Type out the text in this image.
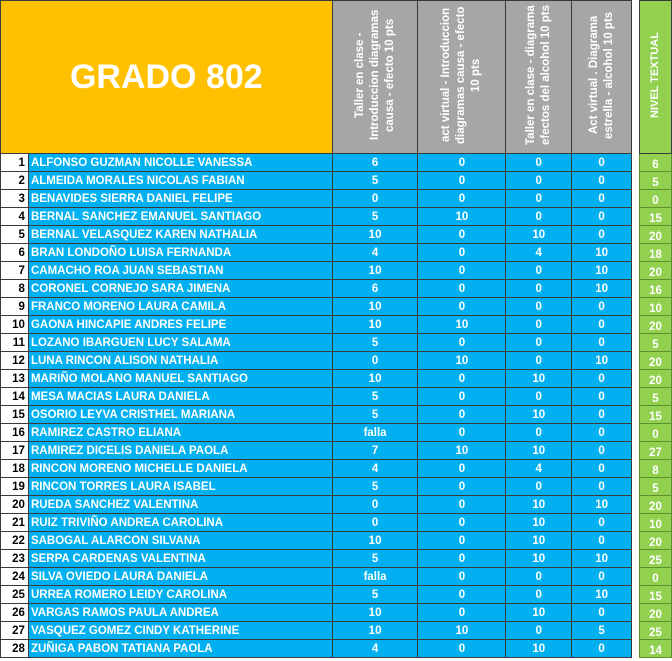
GRADO 802		Taller en clase - Introduccion diagramas causa - efecto 10 pts	act virtual - Introduccion diagramas causa - efecto 10 pts	Taller en clase - diagrama efectos del alcohol 10 pts	Act virtual . Diagrama estrella - alcohol 10 pts		NIVEL TEXTUAL
1	ALFONSO GUZMAN NICOLLE VANESSA	6	0	0	0		6

2	ALMEIDA MORALES NICOLAS FABIAN	5	0	0	0		5

3	BENAVIDES SIERRA DANIEL FELIPE	0	0	0	0		0

4	BERNAL SANCHEZ EMANUEL SANTIAGO	5	10	0	0		15

5	BERNAL VELASQUEZ KAREN NATHALIA	10	0	10	0		20

6	BRAN LONDOÑO LUISA FERNANDA	4	0	4	10		18

7	CAMACHO ROA JUAN SEBASTIAN	10	0	0	10		20

8	CORONEL CORNEJO SARA JIMENA	6	0	0	10		16

9	FRANCO MORENO LAURA CAMILA	10	0	0	0		10

10	GAONA HINCAPIE ANDRES FELIPE	10	10	0	0		20

11	LOZANO IBARGUEN LUCY SALAMA	5	0	0	0		5

12	LUNA RINCON ALISON NATHALIA	0	10	0	10		20

13	MARIÑO MOLANO MANUEL SANTIAGO	10	0	10	0		20

14	MESA MACIAS LAURA DANIELA	5	0	0	0		5

15	OSORIO LEYVA CRISTHEL MARIANA	5	0	10	0		15

16	RAMIREZ CASTRO ELIANA	falla	0	0	0		0

17	RAMIREZ DICELIS DANIELA PAOLA	7	10	10	0		27

18	RINCON MORENO MICHELLE DANIELA	4	0	4	0		8

19	RINCON TORRES LAURA ISABEL	5	0	0	0		5

20	RUEDA SANCHEZ VALENTINA	0	0	10	10		20

21	RUIZ TRIVIÑO ANDREA CAROLINA	0	0	10	0		10

22	SABOGAL ALARCON SILVANA	10	0	10	0		20

23	SERPA CARDENAS VALENTINA	5	0	10	10		25

24	SILVA OVIEDO LAURA DANIELA	falla	0	0	0		0

25	URREA ROMERO LEIDY CAROLINA	5	0	0	10		15

26	VARGAS RAMOS PAULA ANDREA	10	0	10	0		20

27	VASQUEZ GOMEZ CINDY KATHERINE	10	10	0	5		25

28	ZUÑIGA PABON TATIANA PAOLA	4	0	10	0		14
